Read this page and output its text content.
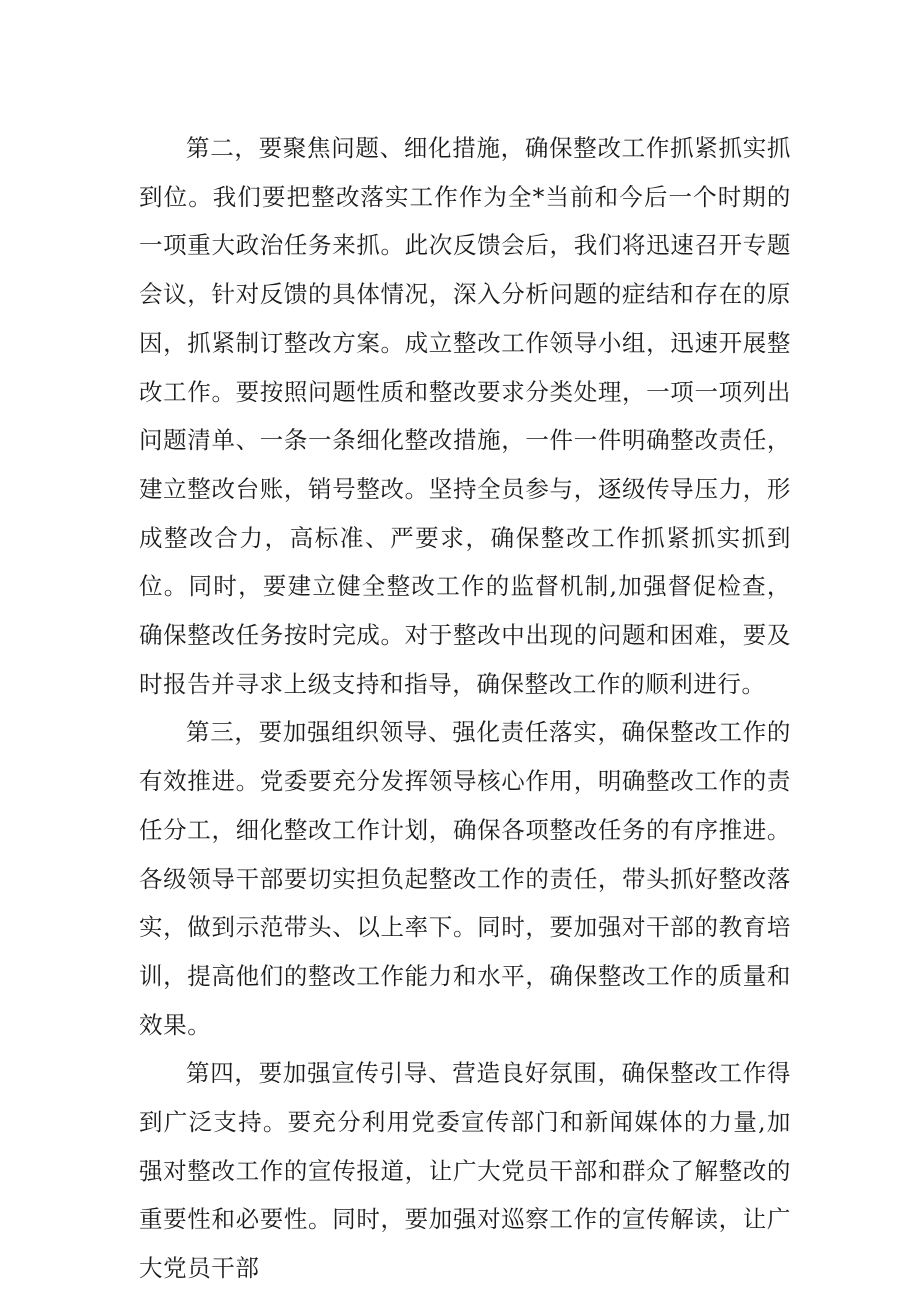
第二，要聚焦问题、细化措施，确保整改工作抓紧抓实抓到位。我们要把整改落实工作作为全*当前和今后一个时期的一项重大政治任务来抓。此次反馈会后，我们将迅速召开专题会议，针对反馈的具体情况，深入分析问题的症结和存在的原因，抓紧制订整改方案。成立整改工作领导小组，迅速开展整改工作。要按照问题性质和整改要求分类处理，一项一项列出问题清单、一条一条细化整改措施，一件一件明确整改责任，建立整改台账，销号整改。坚持全员参与，逐级传导压力，形成整改合力，高标准、严要求，确保整改工作抓紧抓实抓到位。同时，要建立健全整改工作的监督机制,加强督促检查，确保整改任务按时完成。对于整改中出现的问题和困难，要及时报告并寻求上级支持和指导，确保整改工作的顺利进行。

第三，要加强组织领导、强化责任落实，确保整改工作的有效推进。党委要充分发挥领导核心作用，明确整改工作的责任分工，细化整改工作计划，确保各项整改任务的有序推进。各级领导干部要切实担负起整改工作的责任，带头抓好整改落实，做到示范带头、以上率下。同时，要加强对干部的教育培训，提高他们的整改工作能力和水平，确保整改工作的质量和效果。

第四，要加强宣传引导、营造良好氛围，确保整改工作得到广泛支持。要充分利用党委宣传部门和新闻媒体的力量,加强对整改工作的宣传报道，让广大党员干部和群众了解整改的重要性和必要性。同时，要加强对巡察工作的宣传解读，让广大党员干部
